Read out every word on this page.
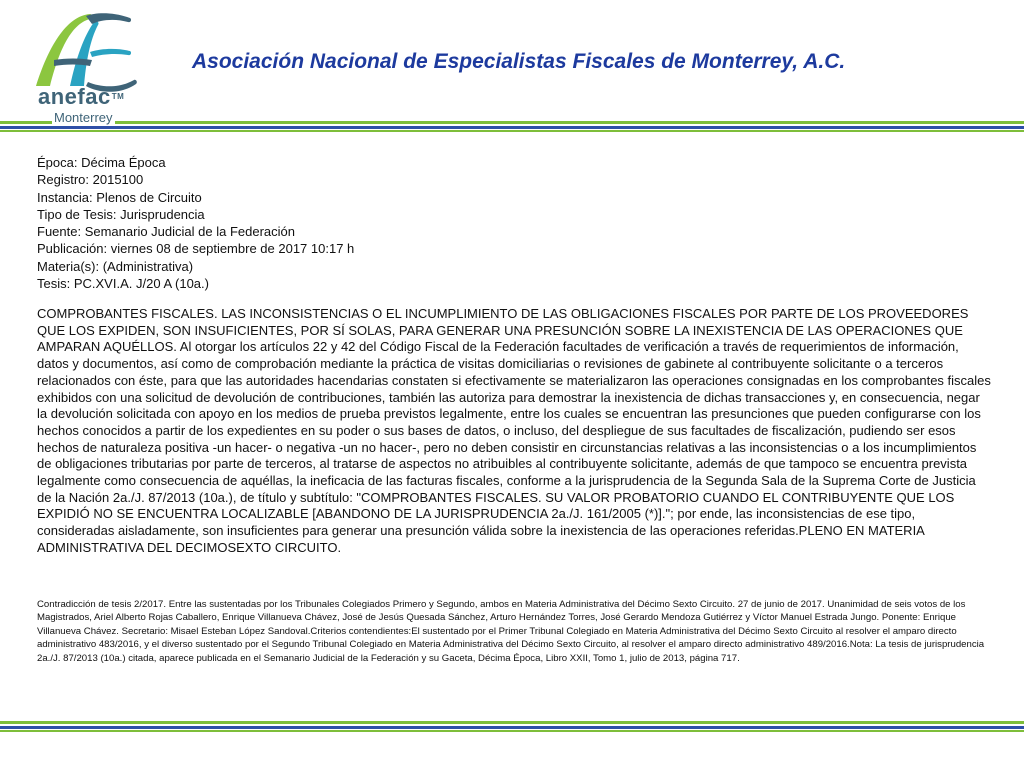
anefac™
Monterrey
Asociación Nacional de Especialistas Fiscales de Monterrey, A.C.
Época: Décima Época
Registro: 2015100
Instancia: Plenos de Circuito
Tipo de Tesis: Jurisprudencia
Fuente: Semanario Judicial de la Federación
Publicación: viernes 08 de septiembre de 2017 10:17 h
Materia(s): (Administrativa)
Tesis: PC.XVI.A. J/20 A (10a.)
COMPROBANTES FISCALES. LAS INCONSISTENCIAS O EL INCUMPLIMIENTO DE LAS OBLIGACIONES FISCALES POR PARTE DE LOS PROVEEDORES QUE LOS EXPIDEN, SON INSUFICIENTES, POR SÍ SOLAS, PARA GENERAR UNA PRESUNCIÓN SOBRE LA INEXISTENCIA DE LAS OPERACIONES QUE AMPARAN AQUÉLLOS. Al otorgar los artículos 22 y 42 del Código Fiscal de la Federación facultades de verificación a través de requerimientos de información, datos y documentos, así como de comprobación mediante la práctica de visitas domiciliarias o revisiones de gabinete al contribuyente solicitante o a terceros relacionados con éste, para que las autoridades hacendarias constaten si efectivamente se materializaron las operaciones consignadas en los comprobantes fiscales exhibidos con una solicitud de devolución de contribuciones, también las autoriza para demostrar la inexistencia de dichas transacciones y, en consecuencia, negar la devolución solicitada con apoyo en los medios de prueba previstos legalmente, entre los cuales se encuentran las presunciones que pueden configurarse con los hechos conocidos a partir de los expedientes en su poder o sus bases de datos, o incluso, del despliegue de sus facultades de fiscalización, pudiendo ser esos hechos de naturaleza positiva -un hacer- o negativa -un no hacer-, pero no deben consistir en circunstancias relativas a las inconsistencias o a los incumplimientos de obligaciones tributarias por parte de terceros, al tratarse de aspectos no atribuibles al contribuyente solicitante, además de que tampoco se encuentra prevista legalmente como consecuencia de aquéllas, la ineficacia de las facturas fiscales, conforme a la jurisprudencia de la Segunda Sala de la Suprema Corte de Justicia de la Nación 2a./J. 87/2013 (10a.), de título y subtítulo: "COMPROBANTES FISCALES. SU VALOR PROBATORIO CUANDO EL CONTRIBUYENTE QUE LOS EXPIDIÓ NO SE ENCUENTRA LOCALIZABLE [ABANDONO DE LA JURISPRUDENCIA 2a./J. 161/2005 (*)]."; por ende, las inconsistencias de ese tipo, consideradas aisladamente, son insuficientes para generar una presunción válida sobre la inexistencia de las operaciones referidas.PLENO EN MATERIA ADMINISTRATIVA DEL DECIMOSEXTO CIRCUITO.
Contradicción de tesis 2/2017. Entre las sustentadas por los Tribunales Colegiados Primero y Segundo, ambos en Materia Administrativa del Décimo Sexto Circuito. 27 de junio de 2017. Unanimidad de seis votos de los Magistrados, Ariel Alberto Rojas Caballero, Enrique Villanueva Chávez, José de Jesús Quesada Sánchez, Arturo Hernández Torres, José Gerardo Mendoza Gutiérrez y Víctor Manuel Estrada Jungo. Ponente: Enrique Villanueva Chávez. Secretario: Misael Esteban López Sandoval.Criterios contendientes:El sustentado por el Primer Tribunal Colegiado en Materia Administrativa del Décimo Sexto Circuito al resolver el amparo directo administrativo 483/2016, y el diverso sustentado por el Segundo Tribunal Colegiado en Materia Administrativa del Décimo Sexto Circuito, al resolver el amparo directo administrativo 489/2016.Nota: La tesis de jurisprudencia 2a./J. 87/2013 (10a.) citada, aparece publicada en el Semanario Judicial de la Federación y su Gaceta, Décima Época, Libro XXII, Tomo 1, julio de 2013, página 717.
